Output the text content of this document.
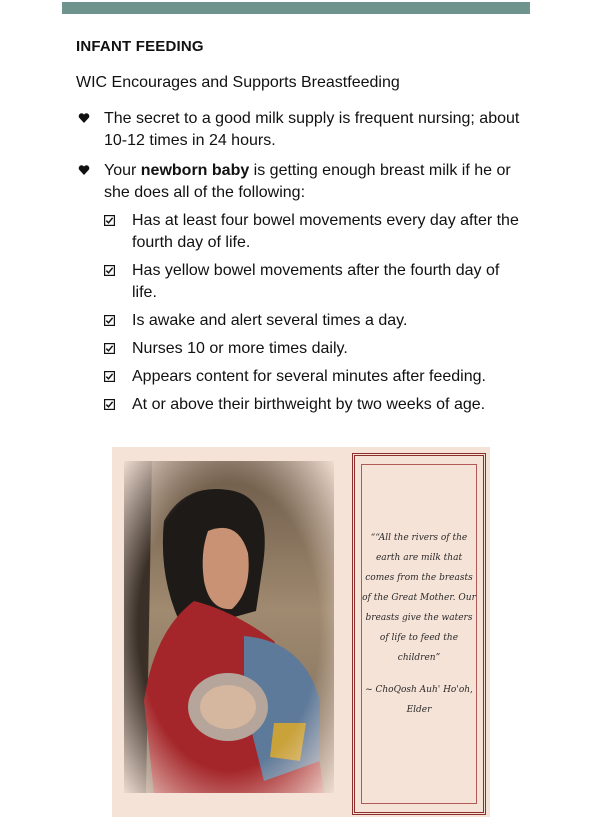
INFANT FEEDING
WIC Encourages and Supports Breastfeeding
The secret to a good milk supply is frequent nursing; about 10-12 times in 24 hours.
Your newborn baby is getting enough breast milk if he or she does all of the following:
Has at least four bowel movements every day after the fourth day of life.
Has yellow bowel movements after the fourth day of life.
Is awake and alert several times a day.
Nurses 10 or more times daily.
Appears content for several minutes after feeding.
At or above their birthweight by two weeks of age.
““All the rivers of the earth are milk that comes from the breasts of the Great Mother. Our breasts give the waters of life to feed the children”
~ ChoQosh Auh' Ho'oh, Elder
